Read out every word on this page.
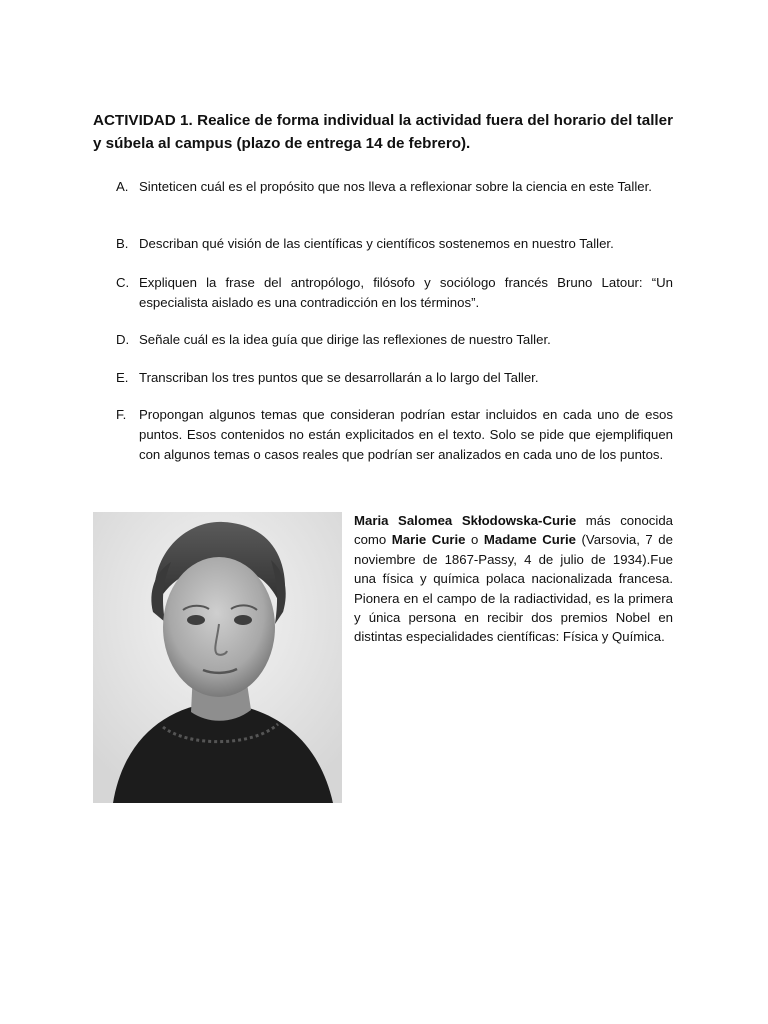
ACTIVIDAD 1. Realice de forma individual la actividad fuera del horario del taller y súbela al campus (plazo de entrega 14 de febrero).

A. Sinteticen cuál es el propósito que nos lleva a reflexionar sobre la ciencia en este Taller.
B. Describan qué visión de las científicas y científicos sostenemos en nuestro Taller.
C. Expliquen la frase del antropólogo, filósofo y sociólogo francés Bruno Latour: “Un especialista aislado es una contradicción en los términos”.
D. Señale cuál es la idea guía que dirige las reflexiones de nuestro Taller.
E. Transcriban los tres puntos que se desarrollarán a lo largo del Taller.
F. Propongan algunos temas que consideran podrían estar incluidos en cada uno de esos puntos. Esos contenidos no están explicitados en el texto. Solo se pide que ejemplifiquen con algunos temas o casos reales que podrían ser analizados en cada uno de los puntos.

Maria Salomea Skłodowska-Curie más conocida como Marie Curie o Madame Curie (Varsovia, 7 de noviembre de 1867-Passy, 4 de julio de 1934).Fue una física y química polaca nacionalizada francesa. Pionera en el campo de la radiactividad, es la primera y única persona en recibir dos premios Nobel en distintas especialidades científicas: Física y Química.
